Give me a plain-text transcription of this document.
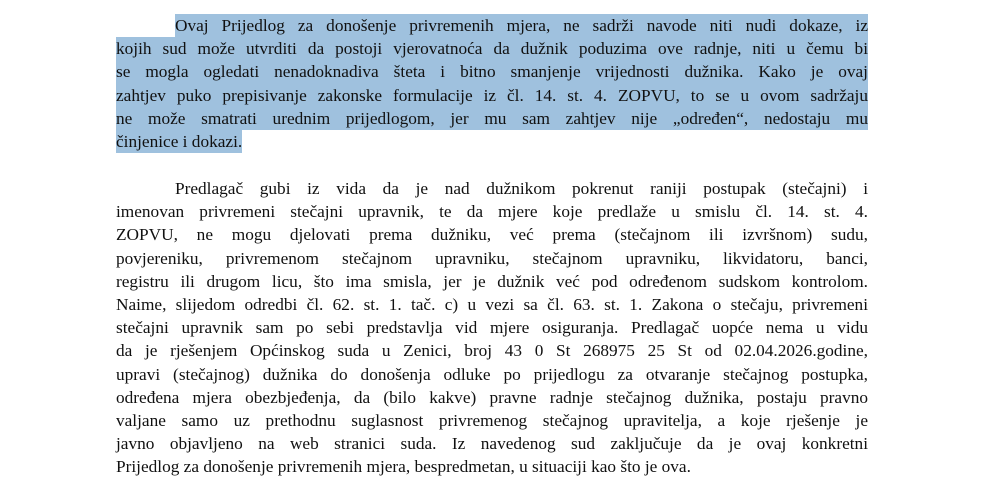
Ovaj Prijedlog za donošenje privremenih mjera, ne sadrži navode niti nudi dokaze, iz
kojih sud može utvrditi da postoji vjerovatnoća da dužnik poduzima ove radnje, niti u čemu bi
se mogla ogledati nenadoknadiva šteta i bitno smanjenje vrijednosti dužnika. Kako je ovaj
zahtjev puko prepisivanje zakonske formulacije iz čl. 14. st. 4. ZOPVU, to se u ovom sadržaju
ne može smatrati urednim prijedlogom, jer mu sam zahtjev nije „određen“, nedostaju mu
činjenice i dokazi.
Predlagač gubi iz vida da je nad dužnikom pokrenut raniji postupak (stečajni) i
imenovan privremeni stečajni upravnik, te da mjere koje predlaže u smislu čl. 14. st. 4.
ZOPVU, ne mogu djelovati prema dužniku, već prema (stečajnom ili izvršnom) sudu,
povjereniku, privremenom stečajnom upravniku, stečajnom upravniku, likvidatoru, banci,
registru ili drugom licu, što ima smisla, jer je dužnik već pod određenom sudskom kontrolom.
Naime, slijedom odredbi čl. 62. st. 1. tač. c) u vezi sa čl. 63. st. 1. Zakona o stečaju, privremeni
stečajni upravnik sam po sebi predstavlja vid mjere osiguranja. Predlagač uopće nema u vidu
da je rješenjem Općinskog suda u Zenici, broj 43 0 St 268975 25 St od 02.04.2026.godine,
upravi (stečajnog) dužnika do donošenja odluke po prijedlogu za otvaranje stečajnog postupka,
određena mjera obezbjeđenja, da (bilo kakve) pravne radnje stečajnog dužnika, postaju pravno
valjane samo uz prethodnu suglasnost privremenog stečajnog upravitelja, a koje rješenje je
javno objavljeno na web stranici suda. Iz navedenog sud zaključuje da je ovaj konkretni
Prijedlog za donošenje privremenih mjera, bespredmetan, u situaciji kao što je ova.
